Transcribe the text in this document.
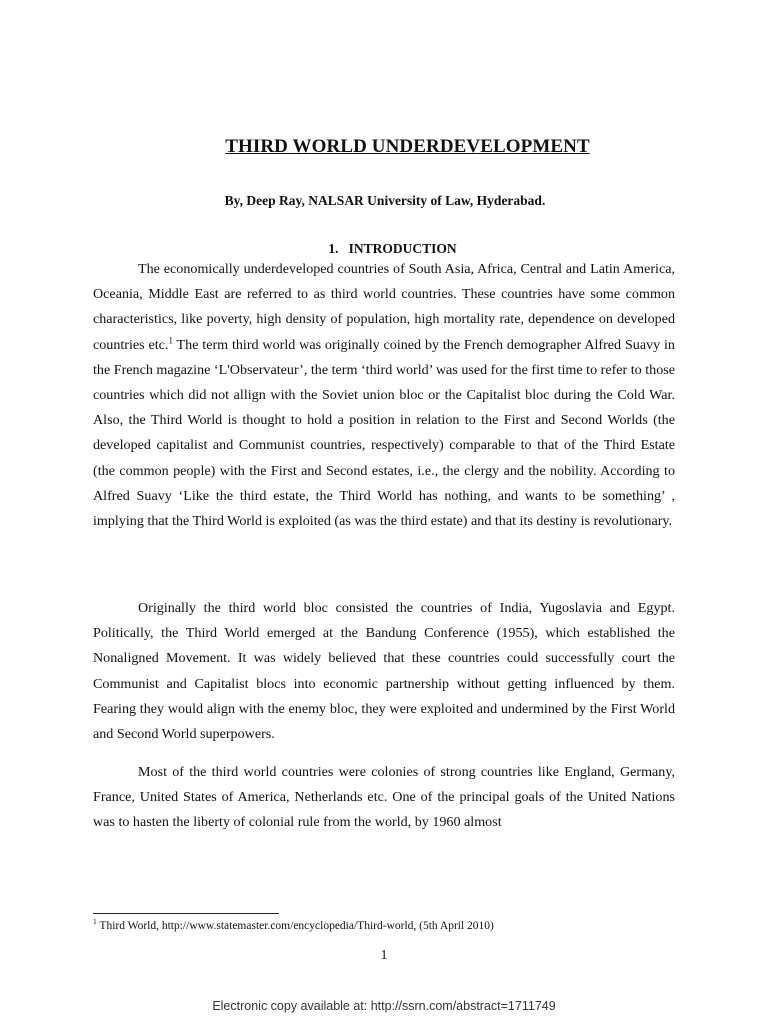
THIRD WORLD UNDERDEVELOPMENT
By, Deep Ray, NALSAR University of Law, Hyderabad.
1. INTRODUCTION

The economically underdeveloped countries of South Asia, Africa, Central and Latin America, Oceania, Middle East are referred to as third world countries. These countries have some common characteristics, like poverty, high density of population, high mortality rate, dependence on developed countries etc.$^1$ The term third world was originally coined by the French demographer Alfred Suavy in the French magazine ‘L'Observateur’, the term ‘third world’ was used for the first time to refer to those countries which did not allign with the Soviet union bloc or the Capitalist bloc during the Cold War. Also, the Third World is thought to hold a position in relation to the First and Second Worlds (the developed capitalist and Communist countries, respectively) comparable to that of the Third Estate (the common people) with the First and Second estates, i.e., the clergy and the nobility. According to Alfred Suavy ‘Like the third estate, the Third World has nothing, and wants to be something’ , implying that the Third World is exploited (as was the third estate) and that its destiny is revolutionary.

Originally the third world bloc consisted the countries of India, Yugoslavia and Egypt. Politically, the Third World emerged at the Bandung Conference (1955), which established the Nonaligned Movement. It was widely believed that these countries could successfully court the Communist and Capitalist blocs into economic partnership without getting influenced by them. Fearing they would align with the enemy bloc, they were exploited and undermined by the First World and Second World superpowers.

Most of the third world countries were colonies of strong countries like England, Germany, France, United States of America, Netherlands etc. One of the principal goals of the United Nations was to hasten the liberty of colonial rule from the world, by 1960 almost

$^1$ Third World, http://www.statemaster.com/encyclopedia/Third-world, (5th April 2010)
1
Electronic copy available at: http://ssrn.com/abstract=1711749
